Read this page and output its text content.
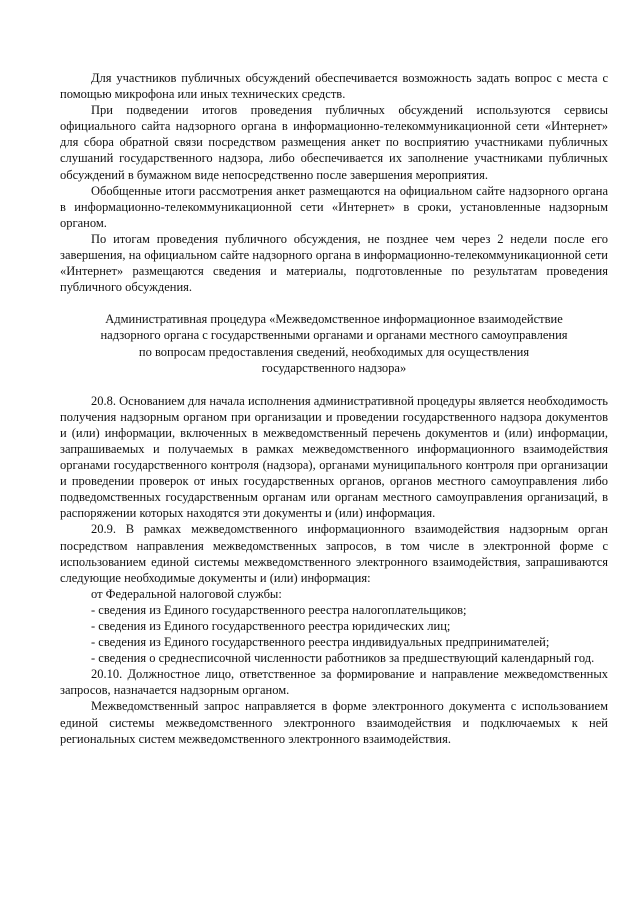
Для участников публичных обсуждений обеспечивается возможность задать вопрос с места с помощью микрофона или иных технических средств.

При подведении итогов проведения публичных обсуждений используются сервисы официального сайта надзорного органа в информационно-телекоммуникационной сети «Интернет» для сбора обратной связи посредством размещения анкет по восприятию участниками публичных слушаний государственного надзора, либо обеспечивается их заполнение участниками публичных обсуждений в бумажном виде непосредственно после завершения мероприятия.

Обобщенные итоги рассмотрения анкет размещаются на официальном сайте надзорного органа в информационно-телекоммуникационной сети «Интернет» в сроки, установленные надзорным органом.

По итогам проведения публичного обсуждения, не позднее чем через 2 недели после его завершения, на официальном сайте надзорного органа в информационно-телекоммуникационной сети «Интернет» размещаются сведения и материалы, подготовленные по результатам проведения публичного обсуждения.

Административная процедура «Межведомственное информационное взаимодействие
надзорного органа с государственными органами и органами местного самоуправления
по вопросам предоставления сведений, необходимых для осуществления
государственного надзора»

20.8. Основанием для начала исполнения административной процедуры является необходимость получения надзорным органом при организации и проведении государственного надзора документов и (или) информации, включенных в межведомственный перечень документов и (или) информации, запрашиваемых и получаемых в рамках межведомственного информационного взаимодействия органами государственного контроля (надзора), органами муниципального контроля при организации и проведении проверок от иных государственных органов, органов местного самоуправления либо подведомственных государственным органам или органам местного самоуправления организаций, в распоряжении которых находятся эти документы и (или) информация.

20.9. В рамках межведомственного информационного взаимодействия надзорным орган посредством направления межведомственных запросов, в том числе в электронной форме с использованием единой системы межведомственного электронного взаимодействия, запрашиваются следующие необходимые документы и (или) информация:

от Федеральной налоговой службы:

- сведения из Единого государственного реестра налогоплательщиков;

- сведения из Единого государственного реестра юридических лиц;

- сведения из Единого государственного реестра индивидуальных предпринимателей;

- сведения о среднесписочной численности работников за предшествующий календарный год.

20.10. Должностное лицо, ответственное за формирование и направление межведомственных запросов, назначается надзорным органом.

Межведомственный запрос направляется в форме электронного документа с использованием единой системы межведомственного электронного взаимодействия и подключаемых к ней региональных систем межведомственного электронного взаимодействия.
